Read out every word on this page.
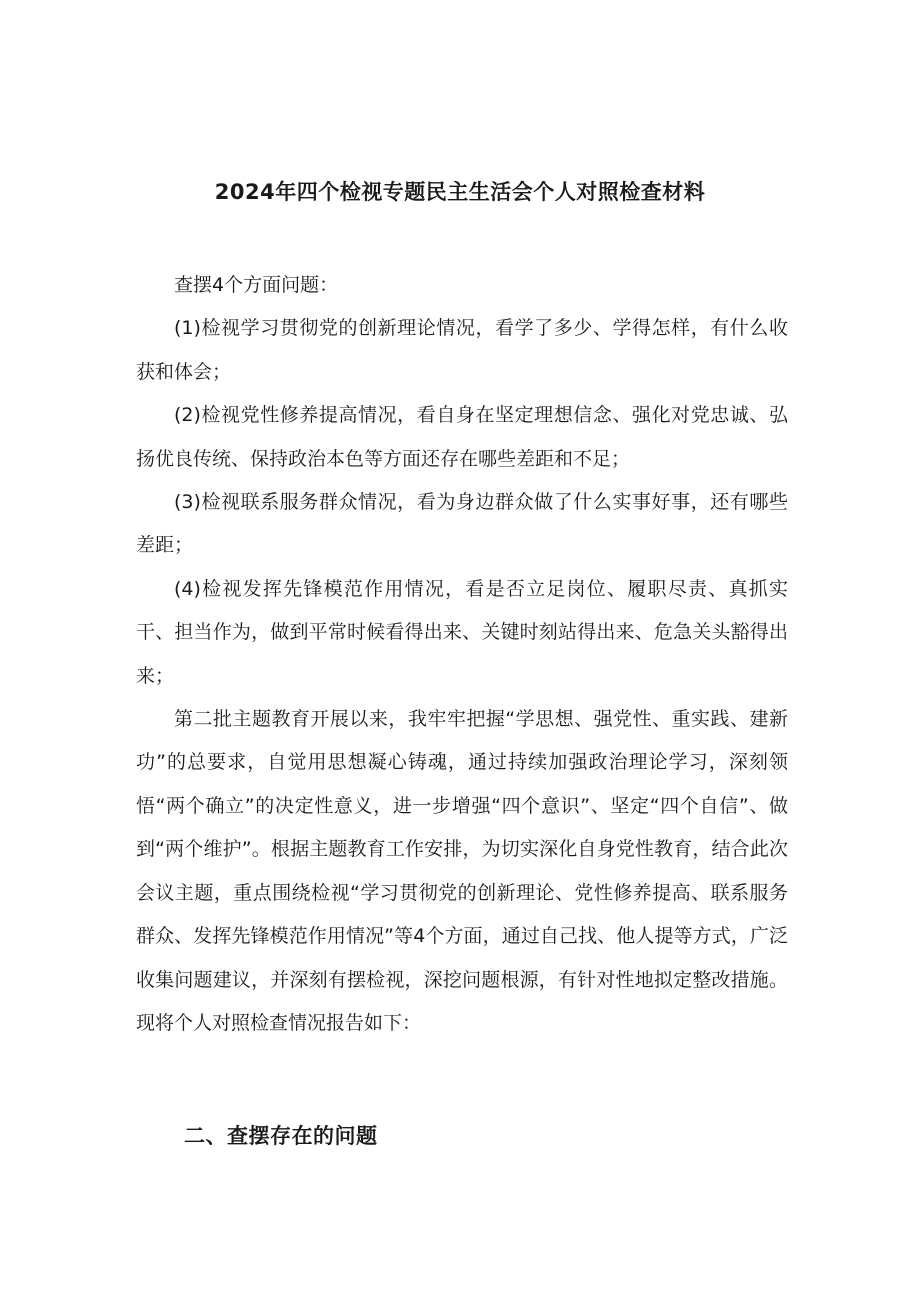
2024年四个检视专题民主生活会个人对照检查材料

查摆4个方面问题：

(1)检视学习贯彻党的创新理论情况，看学了多少、学得怎样，有什么收获和体会；

(2)检视党性修养提高情况，看自身在坚定理想信念、强化对党忠诚、弘扬优良传统、保持政治本色等方面还存在哪些差距和不足；

(3)检视联系服务群众情况，看为身边群众做了什么实事好事，还有哪些差距；

(4)检视发挥先锋模范作用情况，看是否立足岗位、履职尽责、真抓实干、担当作为，做到平常时候看得出来、关键时刻站得出来、危急关头豁得出来；

第二批主题教育开展以来，我牢牢把握“学思想、强党性、重实践、建新功”的总要求，自觉用思想凝心铸魂，通过持续加强政治理论学习，深刻领悟“两个确立”的决定性意义，进一步增强“四个意识”、坚定“四个自信”、做到“两个维护”。根据主题教育工作安排，为切实深化自身党性教育，结合此次会议主题，重点围绕检视“学习贯彻党的创新理论、党性修养提高、联系服务群众、发挥先锋模范作用情况”等4个方面，通过自己找、他人提等方式，广泛收集问题建议，并深刻有摆检视，深挖问题根源，有针对性地拟定整改措施。现将个人对照检查情况报告如下：

二、查摆存在的问题
